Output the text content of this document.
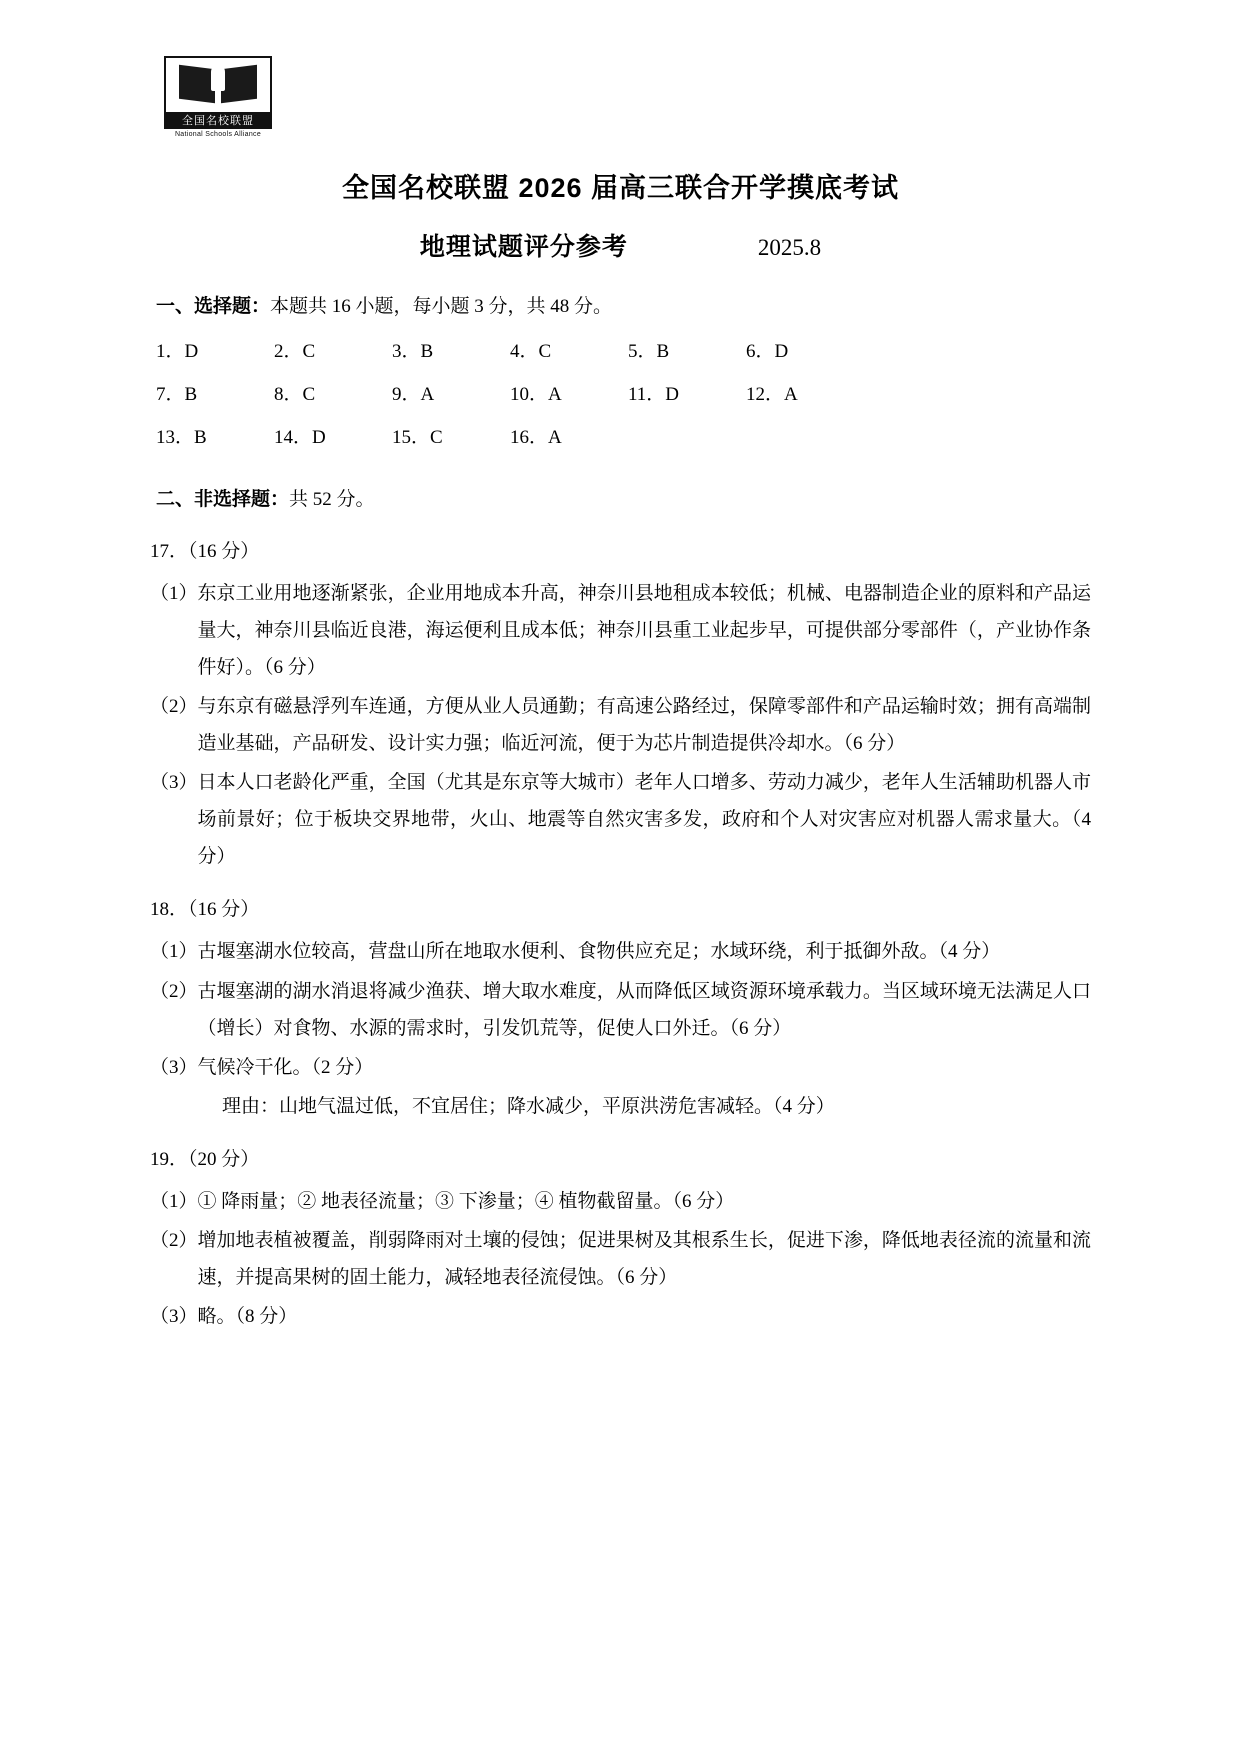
全国名校联盟
National Schools Alliance
全国名校联盟 2026 届高三联合开学摸底考试
地理试题评分参考	2025.8
一、选择题：本题共 16 小题，每小题 3 分，共 48 分。
1．D	2．C	3．B	4．C	5．B	6．D
7．B	8．C	9．A	10．A	11．D	12．A
13．B	14．D	15．C	16．A
二、非选择题：共 52 分。
17．（16 分）
（1） 东京工业用地逐渐紧张，企业用地成本升高，神奈川县地租成本较低；机械、电器制造企业的原料和产品运量大，神奈川县临近良港，海运便利且成本低；神奈川县重工业起步早，可提供部分零部件（，产业协作条件好）。（6 分）
（2） 与东京有磁悬浮列车连通，方便从业人员通勤；有高速公路经过，保障零部件和产品运输时效；拥有高端制造业基础，产品研发、设计实力强；临近河流，便于为芯片制造提供冷却水。（6 分）
（3） 日本人口老龄化严重，全国（尤其是东京等大城市）老年人口增多、劳动力减少，老年人生活辅助机器人市场前景好；位于板块交界地带，火山、地震等自然灾害多发，政府和个人对灾害应对机器人需求量大。（4 分）
18．（16 分）
（1） 古堰塞湖水位较高，营盘山所在地取水便利、食物供应充足；水域环绕，利于抵御外敌。（4 分）
（2） 古堰塞湖的湖水消退将减少渔获、增大取水难度，从而降低区域资源环境承载力。当区域环境无法满足人口（增长）对食物、水源的需求时，引发饥荒等，促使人口外迁。（6 分）
（3） 气候冷干化。（2 分）
理由：山地气温过低，不宜居住；降水减少，平原洪涝危害减轻。（4 分）
19．（20 分）
（1） ① 降雨量；② 地表径流量；③ 下渗量；④ 植物截留量。（6 分）
（2） 增加地表植被覆盖，削弱降雨对土壤的侵蚀；促进果树及其根系生长，促进下渗，降低地表径流的流量和流速，并提高果树的固土能力，减轻地表径流侵蚀。（6 分）
（3） 略。（8 分）
